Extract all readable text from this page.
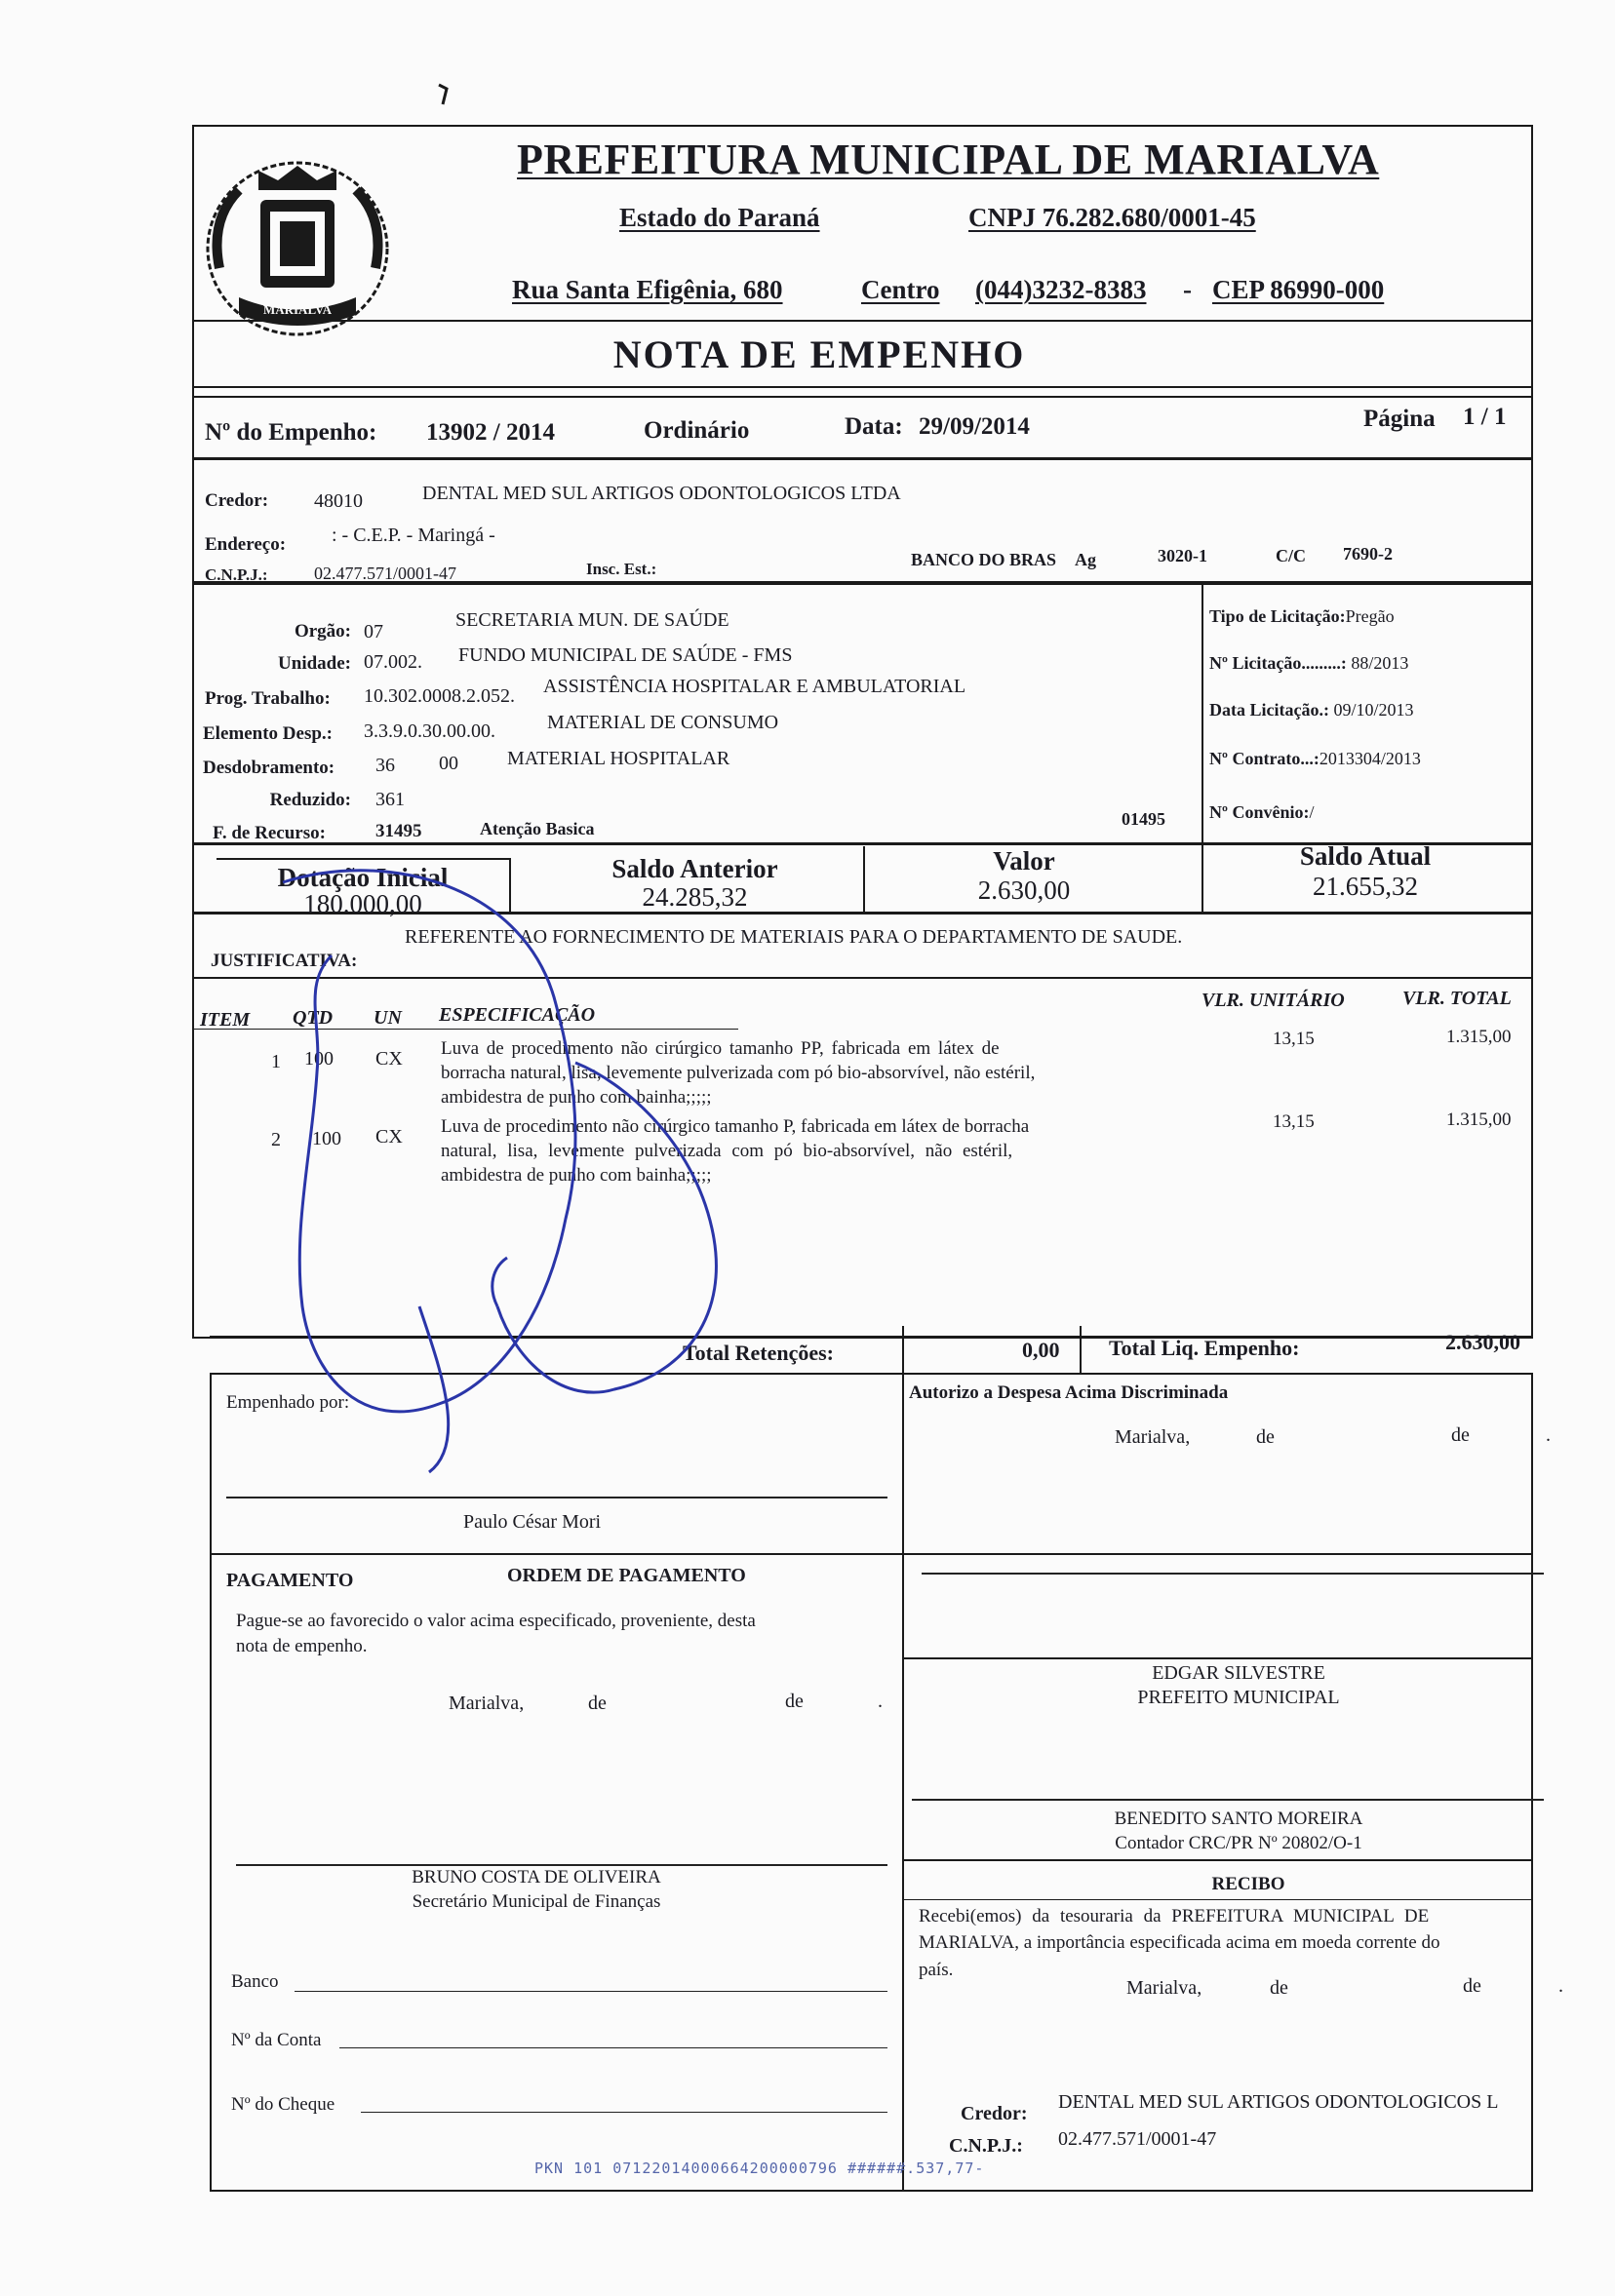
MARIALVA
PREFEITURA MUNICIPAL DE MARIALVA
Estado do Paraná	CNPJ 76.282.680/0001-45
Rua Santa Efigênia, 680	Centro (044)3232-8383 - CEP 86990-000
NOTA DE EMPENHO
Nº do Empenho: 13902 / 2014	Ordinário	Data: 29/09/2014	Página 1 / 1
Credor: 48010	DENTAL MED SUL ARTIGOS ODONTOLOGICOS LTDA
Endereço: : - C.E.P. - Maringá -
C.N.P.J.:	02.477.571/0001-47	Insc. Est.:	BANCO DO BRAS Ag	3020-1	C/C 7690-2
Orgão: 07
SECRETARIA MUN. DE SAÚDE
Unidade: 07.002. FUNDO MUNICIPAL DE SAÚDE - FMS
Prog. Trabalho: 10.302.0008.2.052. ASSISTÊNCIA HOSPITALAR E AMBULATORIAL
Elemento Desp.: 3.3.9.0.30.00.00.	MATERIAL DE CONSUMO
Desdobramento: 36 00	MATERIAL HOSPITALAR
Reduzido: 361
F. de Recurso:	31495	Atenção Basica	01495
Tipo de Licitação:Pregão
Nº Licitação.........: 88/2013
Data Licitação.: 09/10/2013
Nº Contrato...:2013304/2013
Nº Convênio:/
Dotação Inicial
180.000,00
Saldo Anterior
24.285,32
Valor
2.630,00
Saldo Atual
21.655,32
JUSTIFICATIVA:
REFERENTE AO FORNECIMENTO DE MATERIAIS PARA O DEPARTAMENTO DE SAUDE.
ITEM QTD UN ESPECIFICAÇÃO
VLR. UNITÁRIO	VLR. TOTAL
1 100 CX Luva de procedimento não cirúrgico tamanho PP, fabricada em látex de
borracha natural, lisa, levemente pulverizada com pó bio-absorvível, não estéril,
ambidestra de punho com bainha;;;;;
13,15	1.315,00
2 100 CX Luva de procedimento não cirúrgico tamanho P, fabricada em látex de borracha
natural, lisa, levemente pulverizada com pó bio-absorvível, não estéril,
ambidestra de punho com bainha;;;;;
13,15	1.315,00
Total Retenções:	0,00 Total Liq. Empenho:	2.630,00
Empenhado por:
Paulo César Mori
Autorizo a Despesa Acima Discriminada
Marialva,	de	de	.
PAGAMENTO	ORDEM DE PAGAMENTO
Pague-se ao favorecido o valor acima especificado, proveniente, desta
nota de empenho.
Marialva,	de	de	.
BRUNO COSTA DE OLIVEIRA
Secretário Municipal de Finanças
Banco
Nº da Conta
Nº do Cheque
EDGAR SILVESTRE
PREFEITO MUNICIPAL
BENEDITO SANTO MOREIRA
Contador CRC/PR Nº 20802/O-1
RECIBO
Recebi(emos) da tesouraria da PREFEITURA MUNICIPAL DE
MARIALVA, a importância especificada acima em moeda corrente do
país.
Marialva,	de	de	.
Credor:
DENTAL MED SUL ARTIGOS ODONTOLOGICOS L
C.N.P.J.: 02.477.571/0001-47
PKN 101 07122014000664200000796 ######.537,77-
